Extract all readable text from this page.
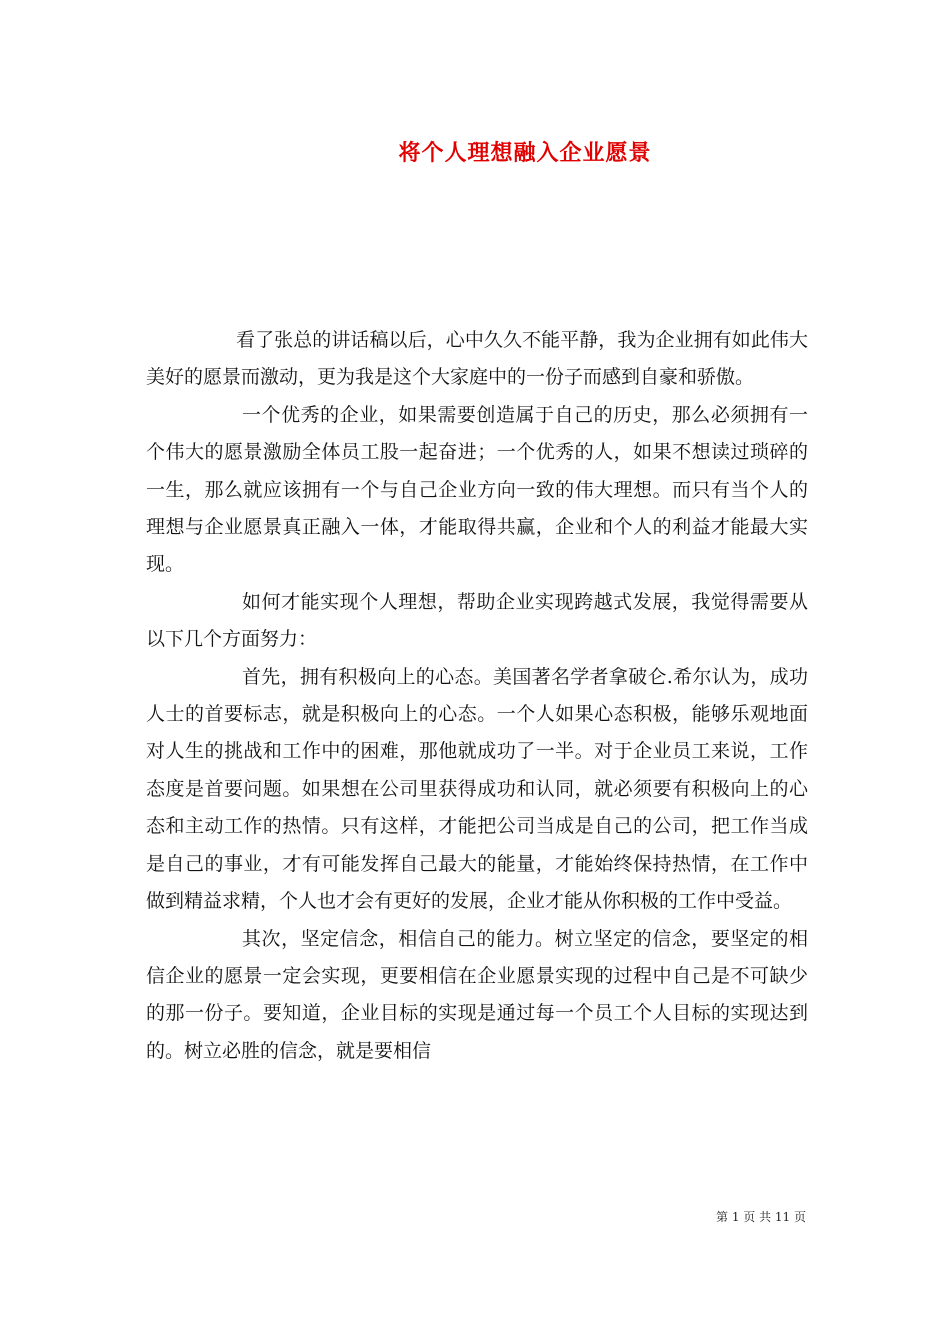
将个人理想融入企业愿景

看了张总的讲话稿以后，心中久久不能平静，我为企业拥有如此伟大美好的愿景而激动，更为我是这个大家庭中的一份子而感到自豪和骄傲。

一个优秀的企业，如果需要创造属于自己的历史，那么必须拥有一个伟大的愿景激励全体员工股一起奋进；一个优秀的人，如果不想读过琐碎的一生，那么就应该拥有一个与自己企业方向一致的伟大理想。而只有当个人的理想与企业愿景真正融入一体，才能取得共赢，企业和个人的利益才能最大实现。

如何才能实现个人理想，帮助企业实现跨越式发展，我觉得需要从以下几个方面努力：

首先，拥有积极向上的心态。美国著名学者拿破仑.希尔认为，成功人士的首要标志，就是积极向上的心态。一个人如果心态积极，能够乐观地面对人生的挑战和工作中的困难，那他就成功了一半。对于企业员工来说，工作态度是首要问题。如果想在公司里获得成功和认同，就必须要有积极向上的心态和主动工作的热情。只有这样，才能把公司当成是自己的公司，把工作当成是自己的事业，才有可能发挥自己最大的能量，才能始终保持热情，在工作中做到精益求精，个人也才会有更好的发展，企业才能从你积极的工作中受益。

其次，坚定信念，相信自己的能力。树立坚定的信念，要坚定的相信企业的愿景一定会实现，更要相信在企业愿景实现的过程中自己是不可缺少的那一份子。要知道，企业目标的实现是通过每一个员工个人目标的实现达到的。树立必胜的信念，就是要相信

第 1 页 共 11 页
